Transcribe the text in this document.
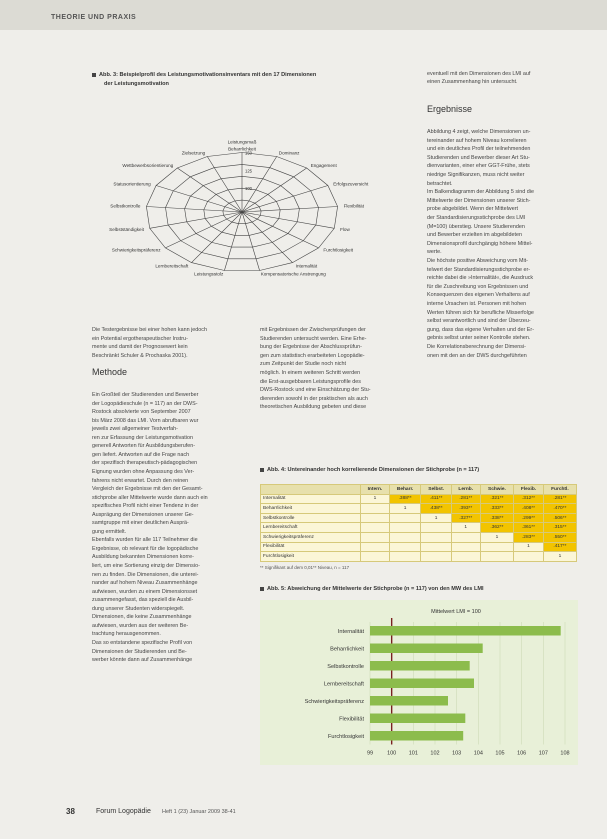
THEORIE UND PRAXIS
Abb. 3: Beispielprofil des Leistungsmotivationsinventars mit den 17 Dimensionen
der Leistungsmotivation
Beharrlichkeit
Dominanz
Engagement
Erfolgszuversicht
Flexibilität
Flow
Furchtlosigkeit
Internalität
Kompensatorische Anstrengung
Leistungsstolz
Lernbereitschaft
Schwierigkeitspräferenz
Selbstständigkeit
Selbstkontrolle
Statusorientierung
Wettbewerbsorientierung
Zielsetzung
Leistungsmaß
100
125
150
eventuell mit den Dimensionen des LMI auf
einen Zusammenhang hin untersucht.
Ergebnisse
Abbildung 4 zeigt, welche Dimensionen un-
tereinander auf hohem Niveau korrelieren
und ein deutliches Profil der teilnehmenden
Studierenden und Bewerber dieser Art Stu-
dienvarianten, einer eher GGT-Frühe, stets
niedrige Signifikanzen, muss nicht weiter
betrachtet.
Im Balkendiagramm der Abbildung 5 sind die
Mittelwerte der Dimensionen unserer Stich-
probe abgebildet. Wenn der Mittelwert
der Standardisierungsstichprobe des LMI
(M=100) überstieg. Unsere Studierenden
und Bewerber erzielten im abgebildeten
Dimensionsprofil durchgängig höhere Mittel-
werte.
Die höchste positive Abweichung vom Mit-
telwert der Standardisierungsstichprobe er-
reichte dabei die »Internalität«, die Ausdruck
für die Zuschreibung von Ergebnissen und
Konsequenzen des eigenen Verhaltens auf
interne Ursachen ist. Personen mit hohen
Werten führen sich für berufliche Misserfolge
selbst verantwortlich und sind der Überzeu-
gung, dass das eigene Verhalten und der Er-
gebnis selbst unter seiner Kontrolle stehen.
Die Korrelationsberechnung der Dimensi-
onen mit den an der DWS durchgeführten
Die Testergebnisse bei einer hohen kann jedoch
ein Potential ergotherapeutischer Instru-
mente und damit der Prognosewert kein
Beschränkt Schuler & Prochaska 2001).
Methode
Ein Großteil der Studierenden und Bewerber
der Logopädieschule (n = 117) an der DWS-
Rostock absolvierte von September 2007
bis März 2008 das LMI. Vorn abrufbaren wur
jeweils zwei allgemeiner Testverfah-
ren zur Erfassung der Leistungsmotivation
generell Antworten für Ausbildungsberufen-
gen liefert. Antworten auf die Frage nach
der spezifisch therapeutisch-pädagogischen
Eignung wurden ohne Anpassung des Ver-
fahrens nicht erwartet. Durch den reinen
Vergleich der Ergebnisse mit den der Gesamt-
stichprobe aller Mittelwerte wurde dann auch ein
spezifisches Profil nicht einer Tendenz in der
Ausprägung der Dimensionen unserer Ge-
samtgruppe mit einer deutlichen Ausprä-
gung ermittelt.
Ebenfalls wurden für alle 117 Teilnehmer die
Ergebnisse, ob relevant für die logopädische
Ausbildung bekannten Dimensionen korre-
liert, um eine Sortierung einzig der Dimensio-
nen zu finden. Die Dimensionen, die unterei-
nander auf hohem Niveau Zusammenhänge
aufwiesen, wurden zu einem Dimensionsset
zusammengefasst, das speziell die Ausbil-
dung unserer Studenten widerspiegelt.
Dimensionen, die keine Zusammenhänge
aufwiesen, wurden aus der weiteren Be-
trachtung herausgenommen.
Das so entstandene spezifische Profil von
Dimensionen der Studierenden und Be-
werber könnte dann auf Zusammenhänge
mit Ergebnissen der Zwischenprüfungen der
Studierenden untersucht werden. Eine Erhe-
bung der Ergebnisse der Abschlussprüfun-
gen zum statistisch erarbeiteten Logopädie-
zum Zeitpunkt der Studie noch nicht
möglich. In einem weiteren Schritt werden
die Erst-ausgebbaren Leistungsprofile des
DWS-Rostock und eine Einschätzung der Stu-
dierenden sowohl in der praktischen als auch
theoretischen Ausbildung gebeten und diese
Abb. 4: Untereinander hoch korrelierende Dimensionen der Stichprobe (n = 117)
	Intern.	Beharr.	Selbst.	Lernb.	Schwie.	Flexib.	Furchtl.
Internalität	1	.388**	.411**	.281**	.321**	.312**	.281**
Beharrlichkeit		1	.438**	.393**	.333**	.408**	.470**
Selbstkontrolle			1	.327**	.338**	.299**	.506**
Lernbereitschaft				1	.362**	.361**	.315**
Schwierigkeitspräferenz					1	.283**	.550**
Flexibilität						1	.417**
Furchtlosigkeit							1
** Signifikant auf dem 0,01** Niveau, n = 117
Abb. 5: Abweichung der Mittelwerte der Stichprobe (n = 117) von den MW des LMI
Mittelwert LMI = 100
99	100 101 102 103 104 105 106 107 108
Internalität
Beharrlichkeit
Selbstkontrolle
Lernbereitschaft
Schwierigkeitspräferenz
Flexibilität
Furchtlosigkeit
38	Forum Logopädie Heft 1 (23) Januar 2009 38-41
